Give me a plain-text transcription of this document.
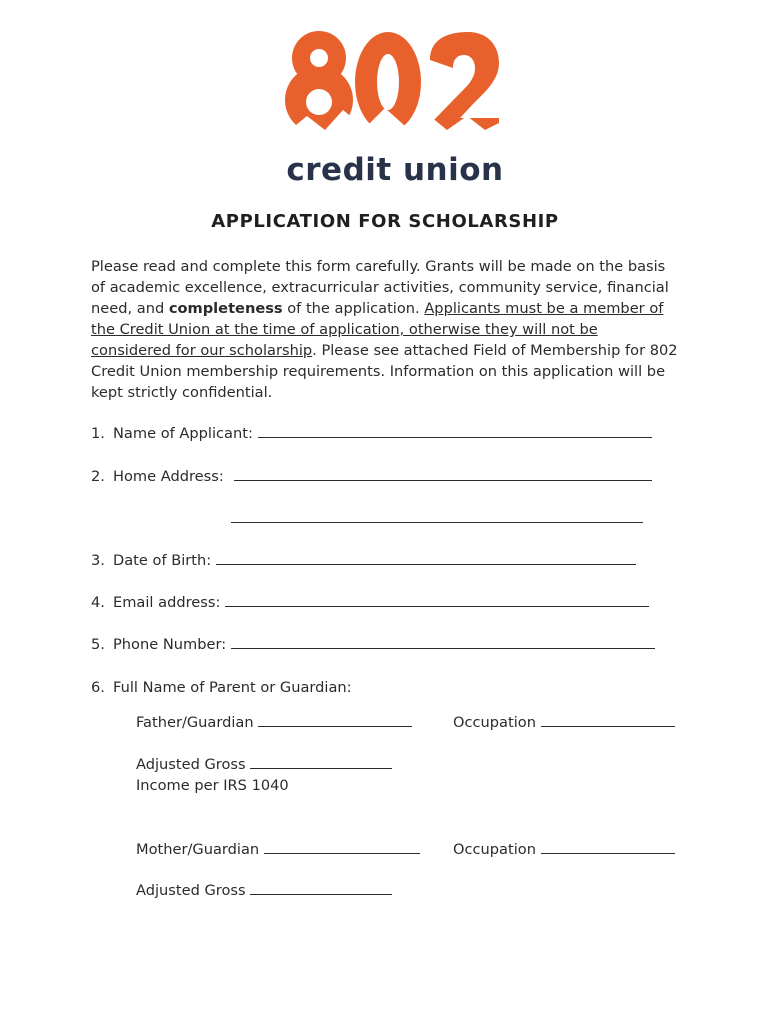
credit union
APPLICATION FOR SCHOLARSHIP
Please read and complete this form carefully. Grants will be made on the basis of academic excellence, extracurricular activities, community service, financial need, and completeness of the application. Applicants must be a member of the Credit Union at the time of application, otherwise they will not be considered for our scholarship. Please see attached Field of Membership for 802 Credit Union membership requirements. Information on this application will be kept strictly confidential.
1. Name of Applicant:
2. Home Address:
3. Date of Birth:
4. Email address:
5. Phone Number:
6. Full Name of Parent or Guardian:
Father/Guardian	Occupation
Adjusted Gross
Income per IRS 1040
Mother/Guardian	Occupation
Adjusted Gross
